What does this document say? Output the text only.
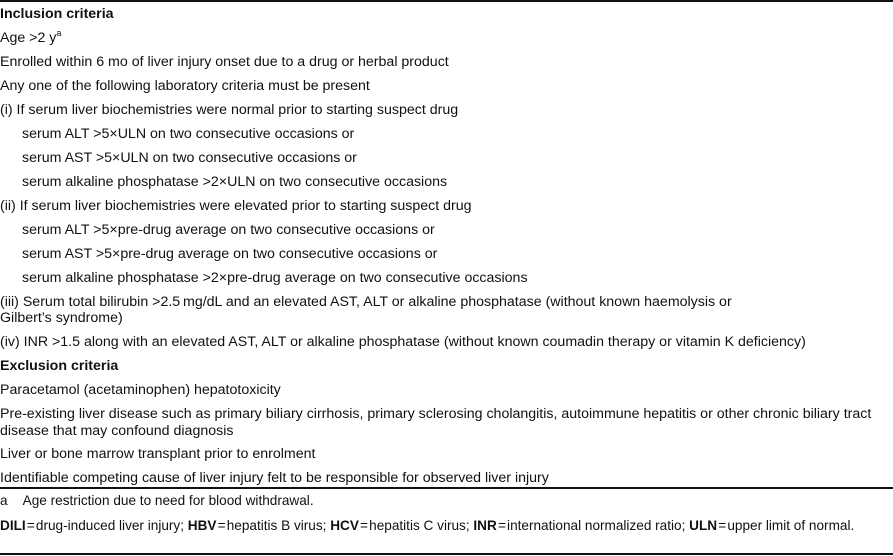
Inclusion criteria
Age >2 $y^a$
Enrolled within 6 mo of liver injury onset due to a drug or herbal product
Any one of the following laboratory criteria must be present
(i) If serum liver biochemistries were normal prior to starting suspect drug
serum ALT >5×ULN on two consecutive occasions or
serum AST >5×ULN on two consecutive occasions or
serum alkaline phosphatase >2×ULN on two consecutive occasions
(ii) If serum liver biochemistries were elevated prior to starting suspect drug
serum ALT >5×pre-drug average on two consecutive occasions or
serum AST >5×pre-drug average on two consecutive occasions or
serum alkaline phosphatase >2×pre-drug average on two consecutive occasions
(iii) Serum total bilirubin >2.5 mg/dL and an elevated AST, ALT or alkaline phosphatase (without known haemolysis or
Gilbert’s syndrome)
(iv) INR >1.5 along with an elevated AST, ALT or alkaline phosphatase (without known coumadin therapy or vitamin K deficiency)
Exclusion criteria
Paracetamol (acetaminophen) hepatotoxicity
Pre-existing liver disease such as primary biliary cirrhosis, primary sclerosing cholangitis, autoimmune hepatitis or other chronic biliary tract disease that may confound diagnosis
Liver or bone marrow transplant prior to enrolment
Identifiable competing cause of liver injury felt to be responsible for observed liver injury
a Age restriction due to need for blood withdrawal.
DILI = drug-induced liver injury; HBV = hepatitis B virus; HCV = hepatitis C virus; INR = international normalized ratio; ULN = upper limit of normal.
